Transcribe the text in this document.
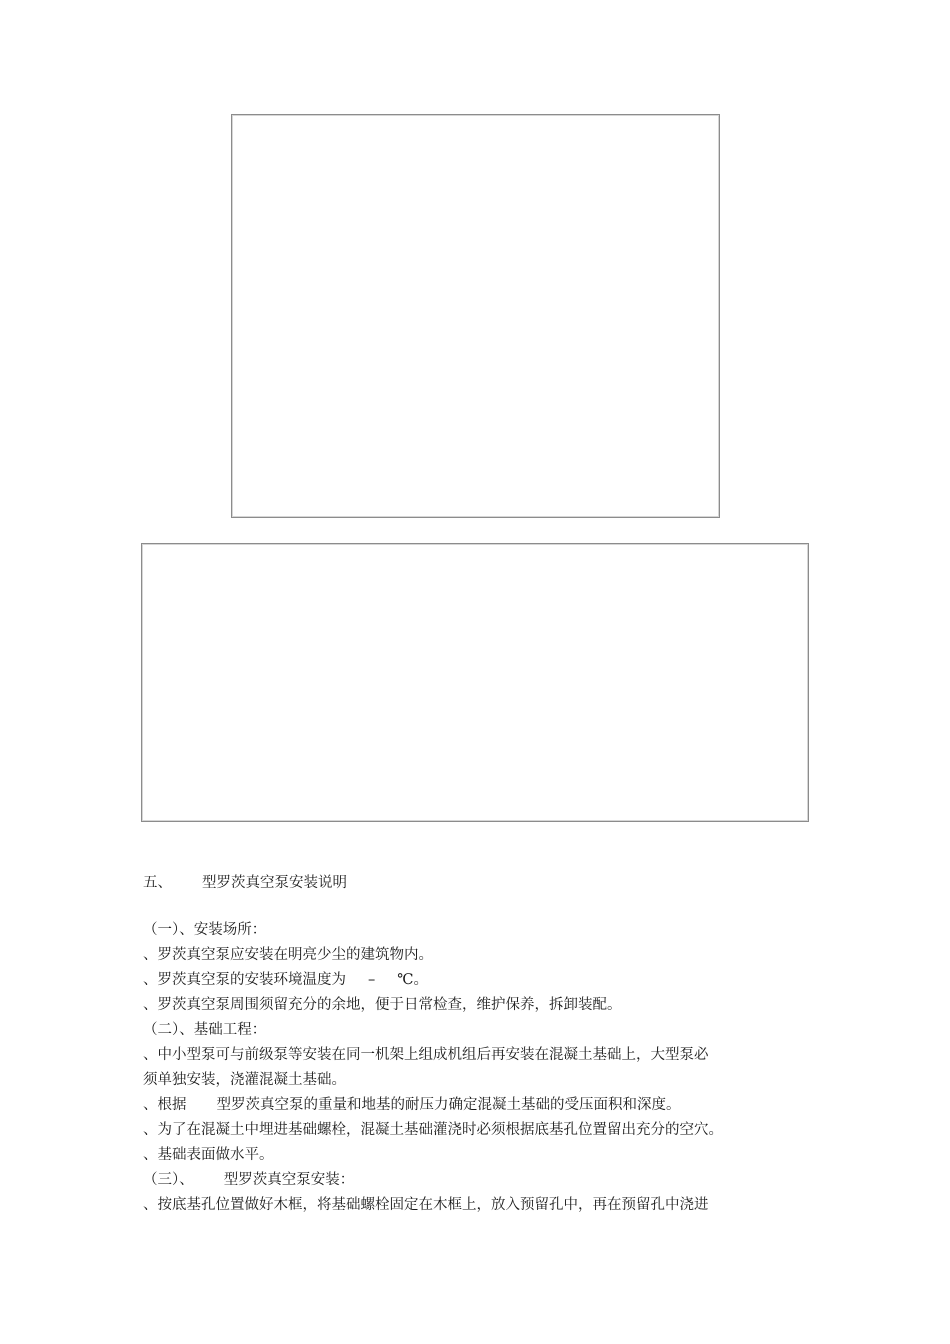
五、 型罗茨真空泵安装说明
（一）、安装场所：
、罗茨真空泵应安装在明亮少尘的建筑物内。
、罗茨真空泵的安装环境温度为 – ℃。
、罗茨真空泵周围须留充分的余地，便于日常检查，维护保养，拆卸装配。
（二）、基础工程：
、中小型泵可与前级泵等安装在同一机架上组成机组后再安装在混凝土基础上，大型泵必
须单独安装，浇灌混凝土基础。
、根据 型罗茨真空泵的重量和地基的耐压力确定混凝土基础的受压面积和深度。
、为了在混凝土中埋进基础螺栓，混凝土基础灌浇时必须根据底基孔位置留出充分的空穴。
、基础表面做水平。
（三）、 型罗茨真空泵安装：
、按底基孔位置做好木框，将基础螺栓固定在木框上，放入预留孔中，再在预留孔中浇进
